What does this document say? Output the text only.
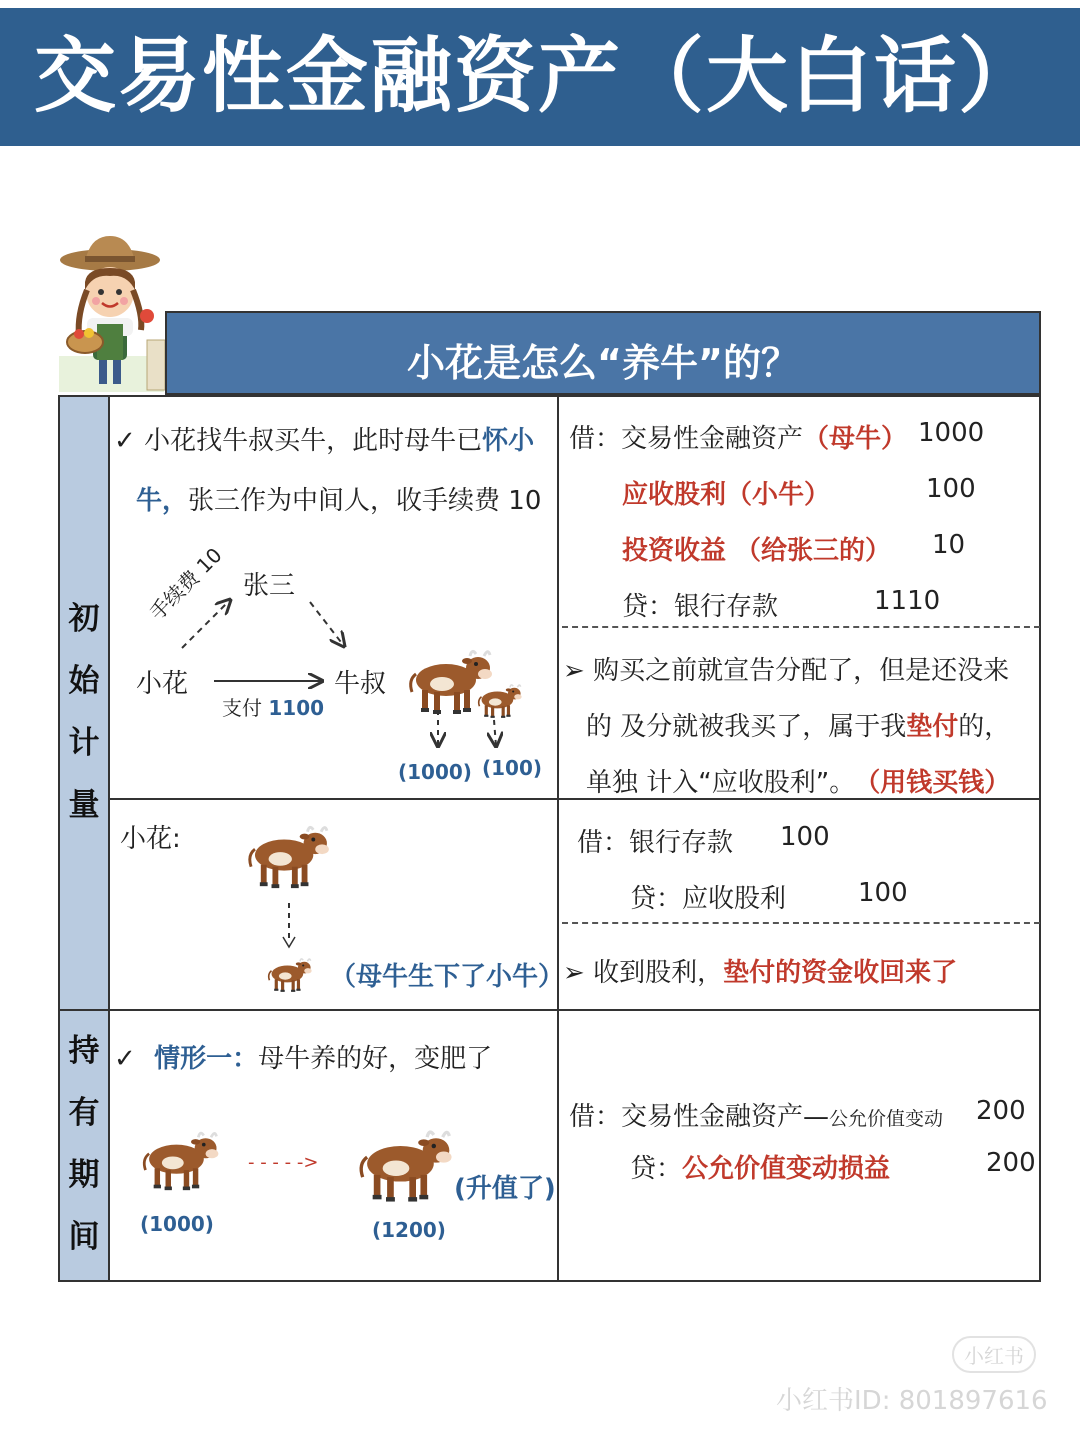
交易性金融资产（大白话）
小花是怎么“养牛”的？
初
始
计
量
持
有
期
间
✓ 小花找牛叔买牛，此时母牛已怀小
牛，张三作为中间人，收手续费 10
张三
小花	牛叔
手续费 10
支付 1100
(1000) (100)
借：交易性金融资产（母牛） 1000
应收股利（小牛）	100
投资收益 （给张三的） 10
贷：银行存款	1110
➢ 购买之前就宣告分配了，但是还没来
的 及分就被我买了，属于我垫付的，
单独 计入“应收股利”。 （用钱买钱）
小花:
（母牛生下了小牛）
借：银行存款 100
贷：应收股利	100
➢ 收到股利，垫付的资金收回来了
✓ 情形一：母牛养的好，变肥了
(1000)
- - - - ->
(升值了)
(1200)
借：交易性金融资产—公允价值变动 200
贷：公允价值变动损益	200
小红书
小红书ID: 801897616
